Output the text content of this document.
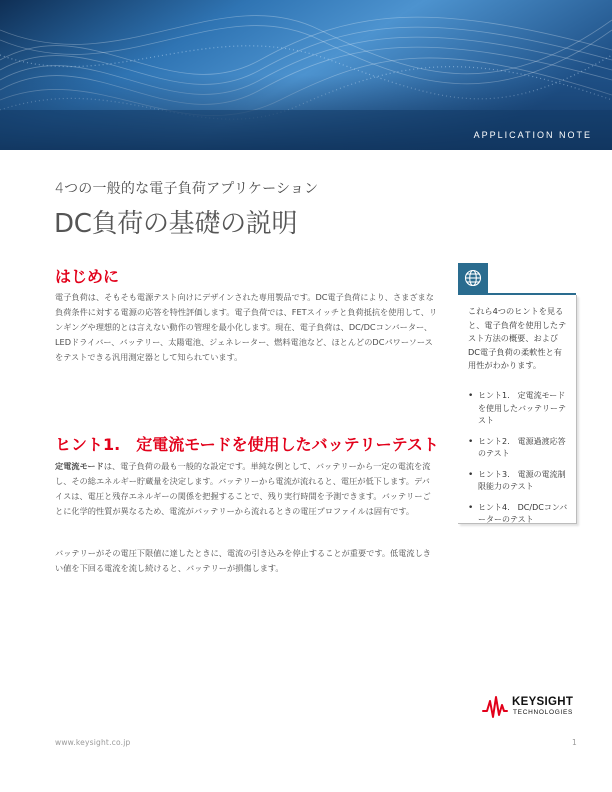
APPLICATION NOTE
4つの一般的な電子負荷アプリケーション
DC負荷の基礎の説明
はじめに

電子負荷は、そもそも電源テスト向けにデザインされた専用製品です。DC電子負荷により、さまざまな負荷条件に対する電源の応答を特性評価します。電子負荷では、FETスイッチと負荷抵抗を使用して、リンギングや理想的とは言えない動作の管理を最小化します。現在、電子負荷は、DC/DCコンバーター、LEDドライバー、バッテリー、太陽電池、ジェネレーター、燃料電池など、ほとんどのDCパワーソースをテストできる汎用測定器として知られています。

ヒント1.　定電流モードを使用したバッテリーテスト

定電流モードは、電子負荷の最も一般的な設定です。単純な例として、バッテリーから一定の電流を流し、その総エネルギー貯蔵量を決定します。バッテリーから電流が流れると、電圧が低下します。デバイスは、電圧と残存エネルギーの関係を把握することで、残り実行時間を予測できます。バッテリーごとに化学的性質が異なるため、電流がバッテリーから流れるときの電圧プロファイルは固有です。

バッテリーがその電圧下限値に達したときに、電流の引き込みを停止することが重要です。低電流しきい値を下回る電流を流し続けると、バッテリーが損傷します。

これら4つのヒントを見ると、電子負荷を使用したテスト方法の概要、およびDC電子負荷の柔軟性と有用性がわかります。

• ヒント1.　定電流モードを使用したバッテリーテスト
• ヒント2.　電源過渡応答のテスト
• ヒント3.　電源の電流制限能力のテスト
• ヒント4.　DC/DCコンバーターのテスト
KEYSIGHT
TECHNOLOGIES
www.keysight.co.jp	1
